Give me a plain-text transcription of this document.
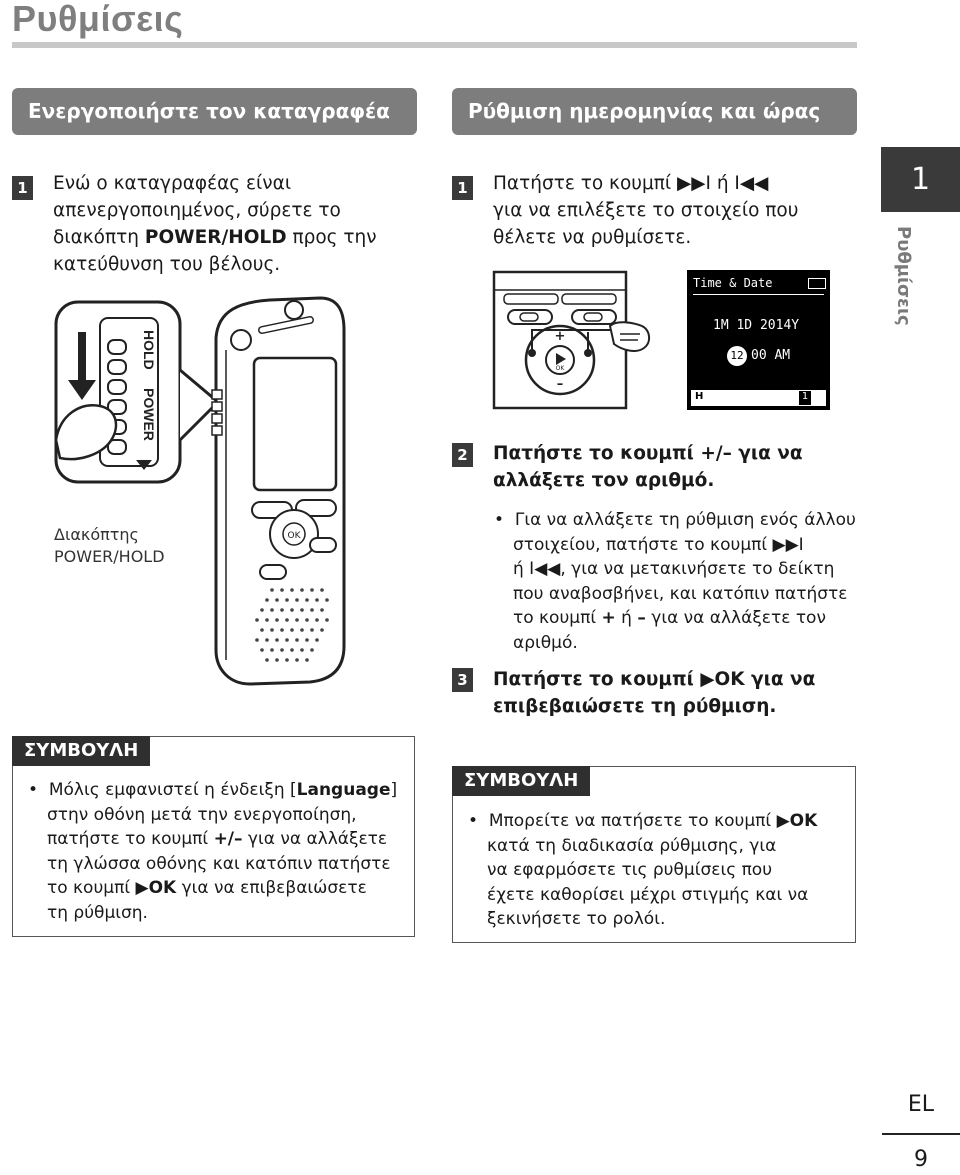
Ρυθμίσεις
1
Ρυθμίσεις
Ενεργοποιήστε τον καταγραφέα
1 Ενώ ο καταγραφέας είναι
απενεργοποιημένος, σύρετε το
διακόπτη POWER/HOLD προς την
κατεύθυνση του βέλους.
HOLD
POWER
OK
Διακόπτης
POWER/HOLD
ΣΥΜΒΟΥΛΗ
•  Μόλις εμφανιστεί η ένδειξη [Language]
στην οθόνη μετά την ενεργοποίηση,
πατήστε το κουμπί +/– για να αλλάξετε
τη γλώσσα οθόνης και κατόπιν πατήστε
το κουμπί ▶OK για να επιβεβαιώσετε
τη ρύθμιση.
Ρύθμιση ημερομηνίας και ώρας
1 Πατήστε το κουμπί ▶▶I ή I◀◀
για να επιλέξετε το στοιχείο που
θέλετε να ρυθμίσετε.
OK
+
–
Time & Date
1M 1D 2014Y
12 00 AM
H	1
2 Πατήστε το κουμπί +/– για να
αλλάξετε τον αριθμό.
•  Για να αλλάξετε τη ρύθμιση ενός άλλου
στοιχείου, πατήστε το κουμπί ▶▶I
ή I◀◀, για να μετακινήσετε το δείκτη
που αναβοσβήνει, και κατόπιν πατήστε
το κουμπί + ή – για να αλλάξετε τον
αριθμό.
3 Πατήστε το κουμπί ▶OK για να
επιβεβαιώσετε τη ρύθμιση.
ΣΥΜΒΟΥΛΗ
•  Μπορείτε να πατήσετε το κουμπί ▶OK
κατά τη διαδικασία ρύθμισης, για
να εφαρμόσετε τις ρυθμίσεις που
έχετε καθορίσει μέχρι στιγμής και να
ξεκινήσετε το ρολόι.
EL
9
